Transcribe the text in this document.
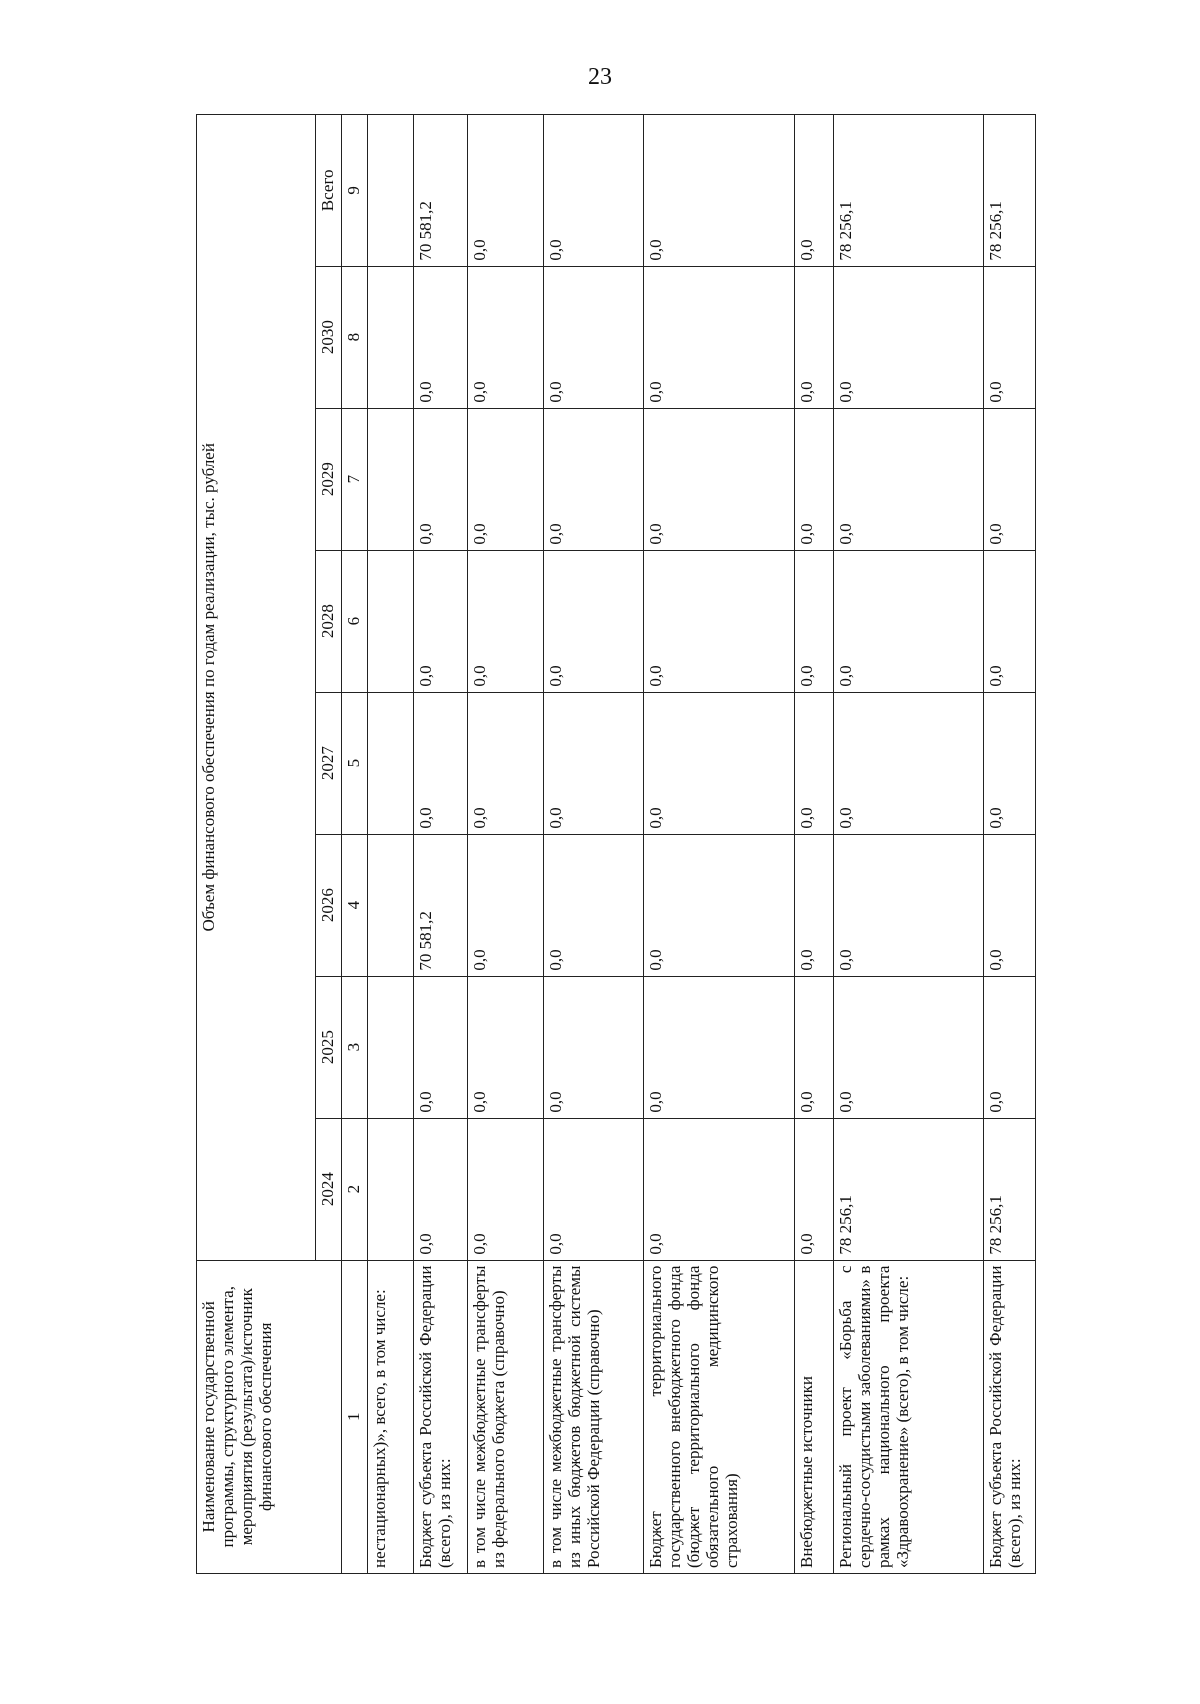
23
Наименование государственной программы, структурного элемента, мероприятия (результата)/источник финансового обеспечения	Объем финансового обеспечения по годам реализации, тыс. рублей							
	2024	2025	2026	2027	2028	2029	2030	Всего
1	2	3	4	5	6	7	8	9
нестационарных)», всего, в том числе:								
Бюджет субъекта Российской Федерации (всего), из них:	0,0	0,0	70 581,2	0,0	0,0	0,0	0,0	70 581,2
в том числе межбюджетные трансферты из федерального бюджета (справочно)	0,0	0,0	0,0	0,0	0,0	0,0	0,0	0,0
в том числе межбюджетные трансферты из иных бюджетов бюджетной системы Российской Федерации (справочно)	0,0	0,0	0,0	0,0	0,0	0,0	0,0	0,0
Бюджет территориального государственного внебюджетного фонда (бюджет территориального фонда обязательного медицинского страхования)	0,0	0,0	0,0	0,0	0,0	0,0	0,0	0,0
Внебюджетные источники	0,0	0,0	0,0	0,0	0,0	0,0	0,0	0,0
Региональный проект «Борьба с сердечно-сосудистыми заболеваниями» в рамках национального проекта «Здравоохранение» (всего), в том числе:	78 256,1	0,0	0,0	0,0	0,0	0,0	0,0	78 256,1
Бюджет субъекта Российской Федерации (всего), из них:	78 256,1	0,0	0,0	0,0	0,0	0,0	0,0	78 256,1
